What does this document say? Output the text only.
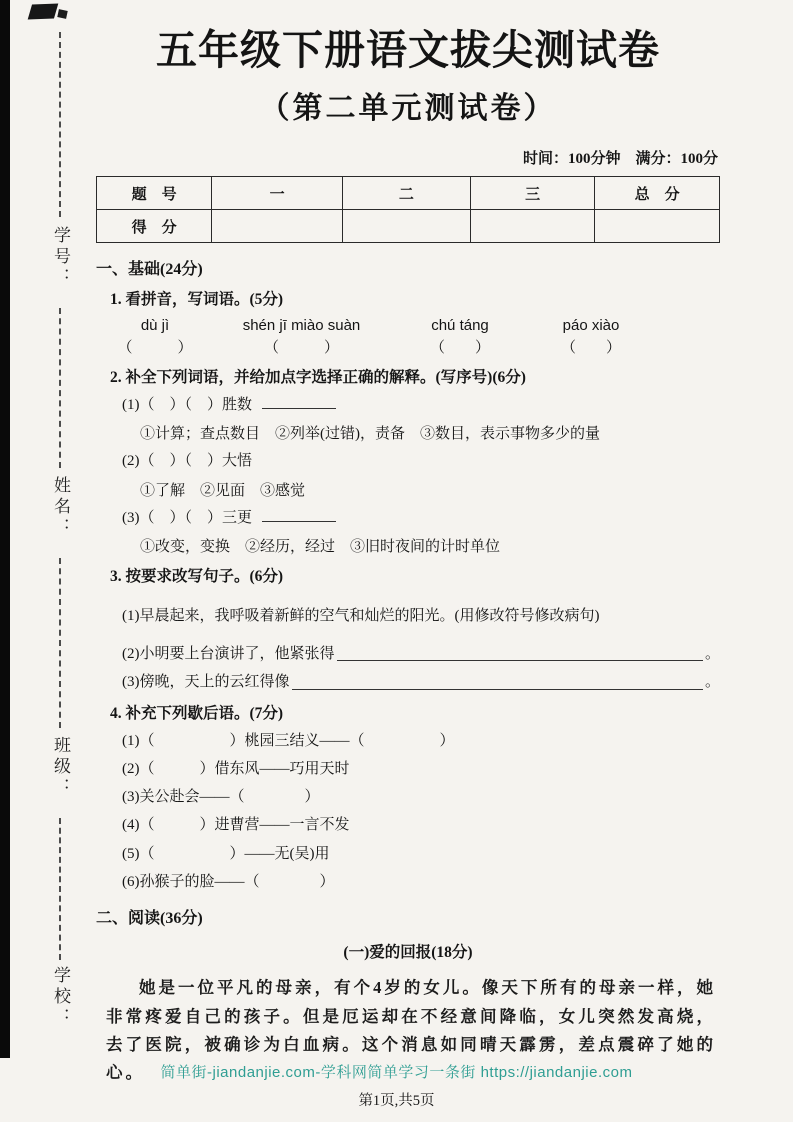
学号：
姓名：
班级：
学校：
五年级下册语文拔尖测试卷
（第二单元测试卷）
时间：100分钟　满分：100分
题　号	一	二	三	总　分
得　分				
一、基础(24分)
1. 看拼音，写词语。(5分)
dù jì	shén jī miào suàn	chú táng	páo xiào
（　　　）	（　　　）	（　　）	（　　）
2. 补全下列词语，并给加点字选择正确的解释。(写序号)(6分)
(1)（　）（　）胜数
①计算；查点数目　②列举(过错)，责备　③数目，表示事物多少的量
(2)（　）（　）大悟
①了解　②见面　③感觉
(3)（　）（　）三更
①改变，变换　②经历，经过　③旧时夜间的计时单位
3. 按要求改写句子。(6分)
(1)早晨起来，我呼吸着新鲜的空气和灿烂的阳光。(用修改符号修改病句)
(2)小明要上台演讲了，他紧张得	。
(3)傍晚，天上的云红得像	。
4. 补充下列歇后语。(7分)
(1)（　　　　　）桃园三结义——（　　　　　）
(2)（　　　）借东风——巧用天时
(3)关公赴会——（　　　　）
(4)（　　　）进曹营——一言不发
(5)（　　　　　）——无(吴)用
(6)孙猴子的脸——（　　　　）
二、阅读(36分)
(一)爱的回报(18分)

她是一位平凡的母亲，有个4岁的女儿。像天下所有的母亲一样，她非常疼爱自己的孩子。但是厄运却在不经意间降临，女儿突然发高烧，去了医院，被确诊为白血病。这个消息如同晴天霹雳，差点震碎了她的心。	简单街-jiandanjie.com-学科网简单学习一条街 https://jiandanjie.com
第1页,共5页
